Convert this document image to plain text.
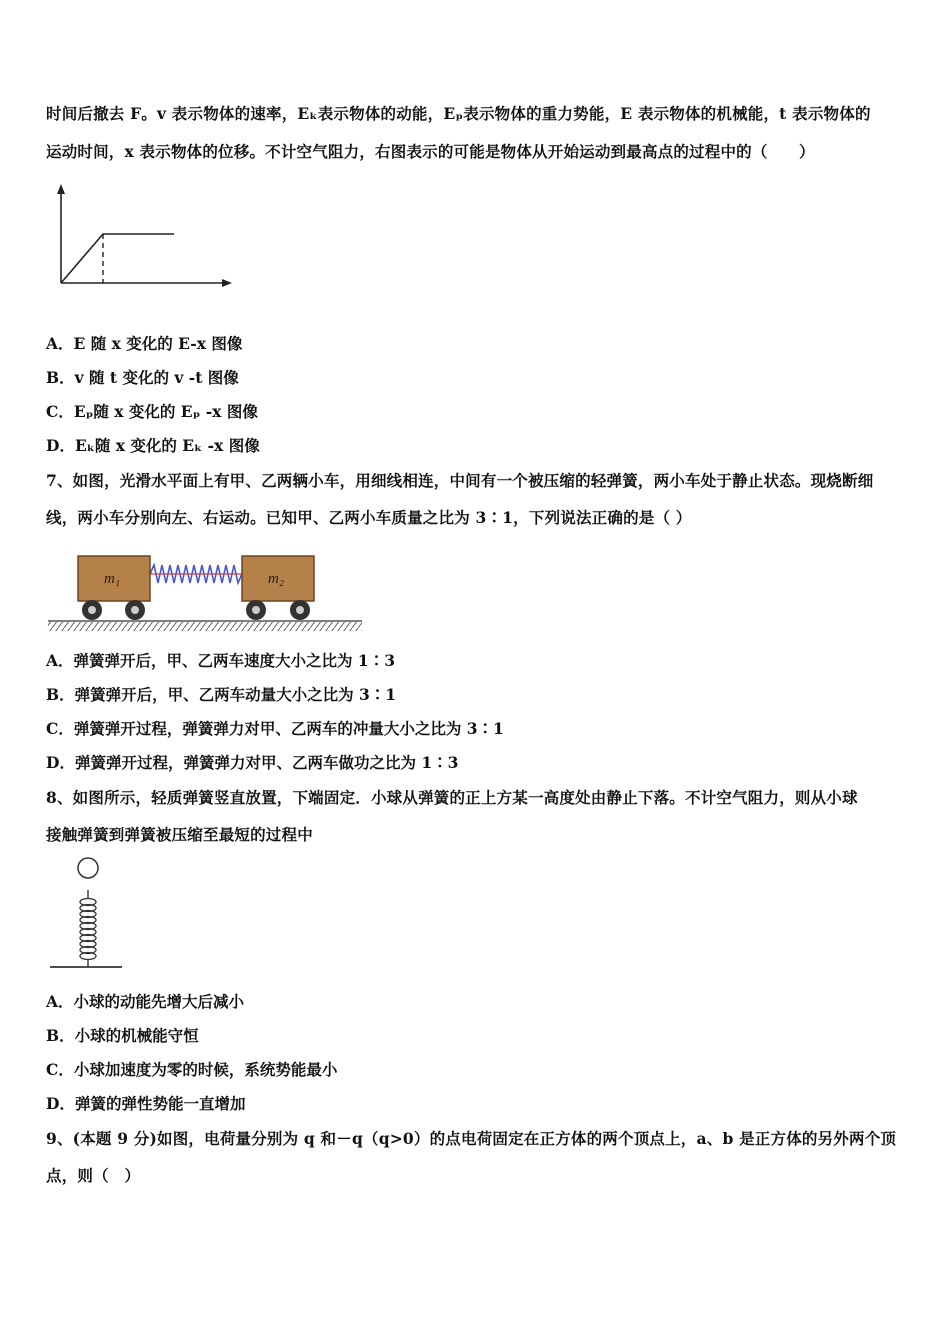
时间后撤去 F。v 表示物体的速率，Eₖ表示物体的动能，Eₚ表示物体的重力势能，E 表示物体的机械能，t 表示物体的
运动时间，x 表示物体的位移。不计空气阻力，右图表示的可能是物体从开始运动到最高点的过程中的（　　）
A．E 随 x 变化的 E-x 图像
B．v 随 t 变化的 v -t 图像
C．Eₚ随 x 变化的 Eₚ -x 图像
D．Eₖ随 x 变化的 Eₖ -x 图像
7、如图，光滑水平面上有甲、乙两辆小车，用细线相连，中间有一个被压缩的轻弹簧，两小车处于静止状态。现烧断细
线，两小车分别向左、右运动。已知甲、乙两小车质量之比为 3∶1，下列说法正确的是（ ）
m₁	m₂
A．弹簧弹开后，甲、乙两车速度大小之比为 1∶3
B．弹簧弹开后，甲、乙两车动量大小之比为 3∶1
C．弹簧弹开过程，弹簧弹力对甲、乙两车的冲量大小之比为 3∶1
D．弹簧弹开过程，弹簧弹力对甲、乙两车做功之比为 1∶3
8、如图所示，轻质弹簧竖直放置，下端固定．小球从弹簧的正上方某一高度处由静止下落。不计空气阻力，则从小球
接触弹簧到弹簧被压缩至最短的过程中
A．小球的动能先增大后减小
B．小球的机械能守恒
C．小球加速度为零的时候，系统势能最小
D．弹簧的弹性势能一直增加
9、(本题 9 分)如图，电荷量分别为 q 和－q（q>0）的点电荷固定在正方体的两个顶点上，a、b 是正方体的另外两个顶
点，则（　）
